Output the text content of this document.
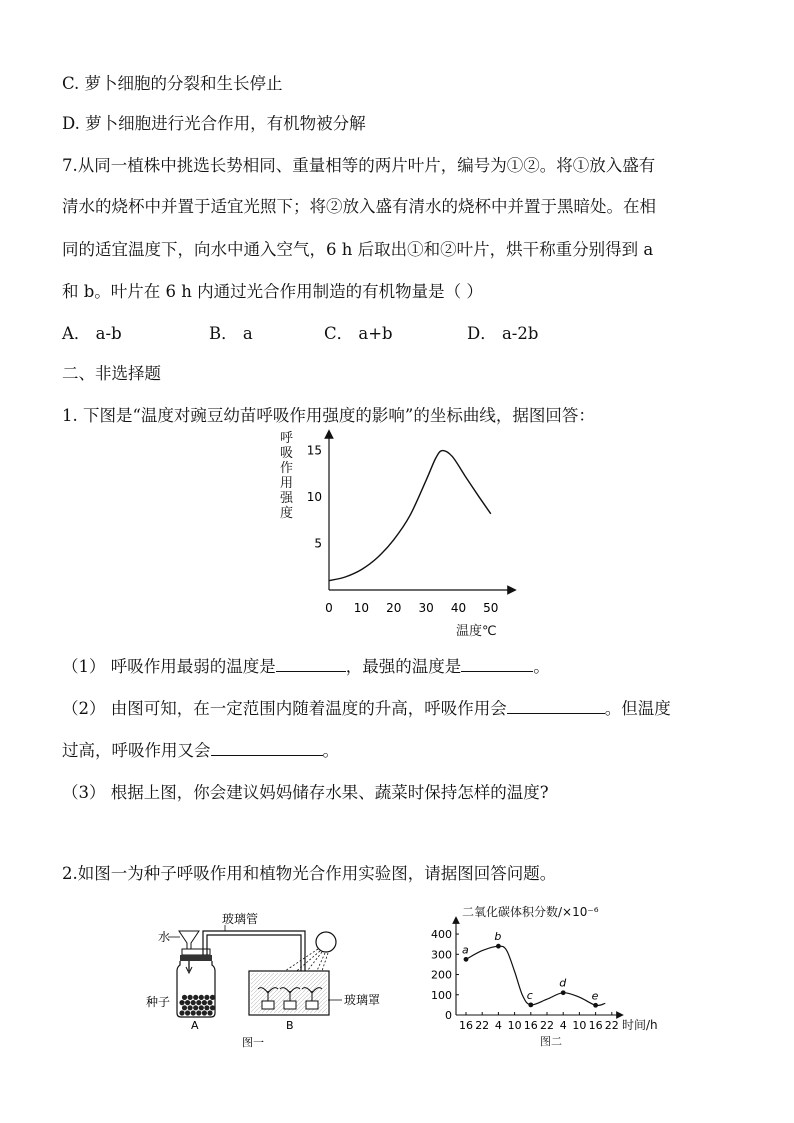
C. 萝卜细胞的分裂和生长停止
D. 萝卜细胞进行光合作用，有机物被分解
7.从同一植株中挑选长势相同、重量相等的两片叶片，编号为①②。将①放入盛有
清水的烧杯中并置于适宜光照下；将②放入盛有清水的烧杯中并置于黑暗处。在相
同的适宜温度下，向水中通入空气，6 h 后取出①和②叶片，烘干称重分别得到 a
和 b。叶片在 6 h 内通过光合作用制造的有机物量是（ ）
A． a-b	B． a	C． a+b	D． a-2b
二、非选择题
1. 下图是“温度对豌豆幼苗呼吸作用强度的影响”的坐标曲线，据图回答：
0 10 20 30 40 50
5
10
15
呼吸作用强度
温度℃
（1） 呼吸作用最弱的温度是	，最强的温度是	。
（2） 由图可知，在一定范围内随着温度的升高，呼吸作用会	。但温度
过高，呼吸作用又会	。
（3） 根据上图，你会建议妈妈储存水果、蔬菜时保持怎样的温度?
2.如图一为种子呼吸作用和植物光合作用实验图，请据图回答问题。
水
玻璃管
种子	玻璃罩
A	B
图一
0
100
200
300
400
16 22 4 10 16 22 4 10 16 22
a
b
c
d
e
二氧化碳体积分数/×10⁻⁶
时间/h
图二
